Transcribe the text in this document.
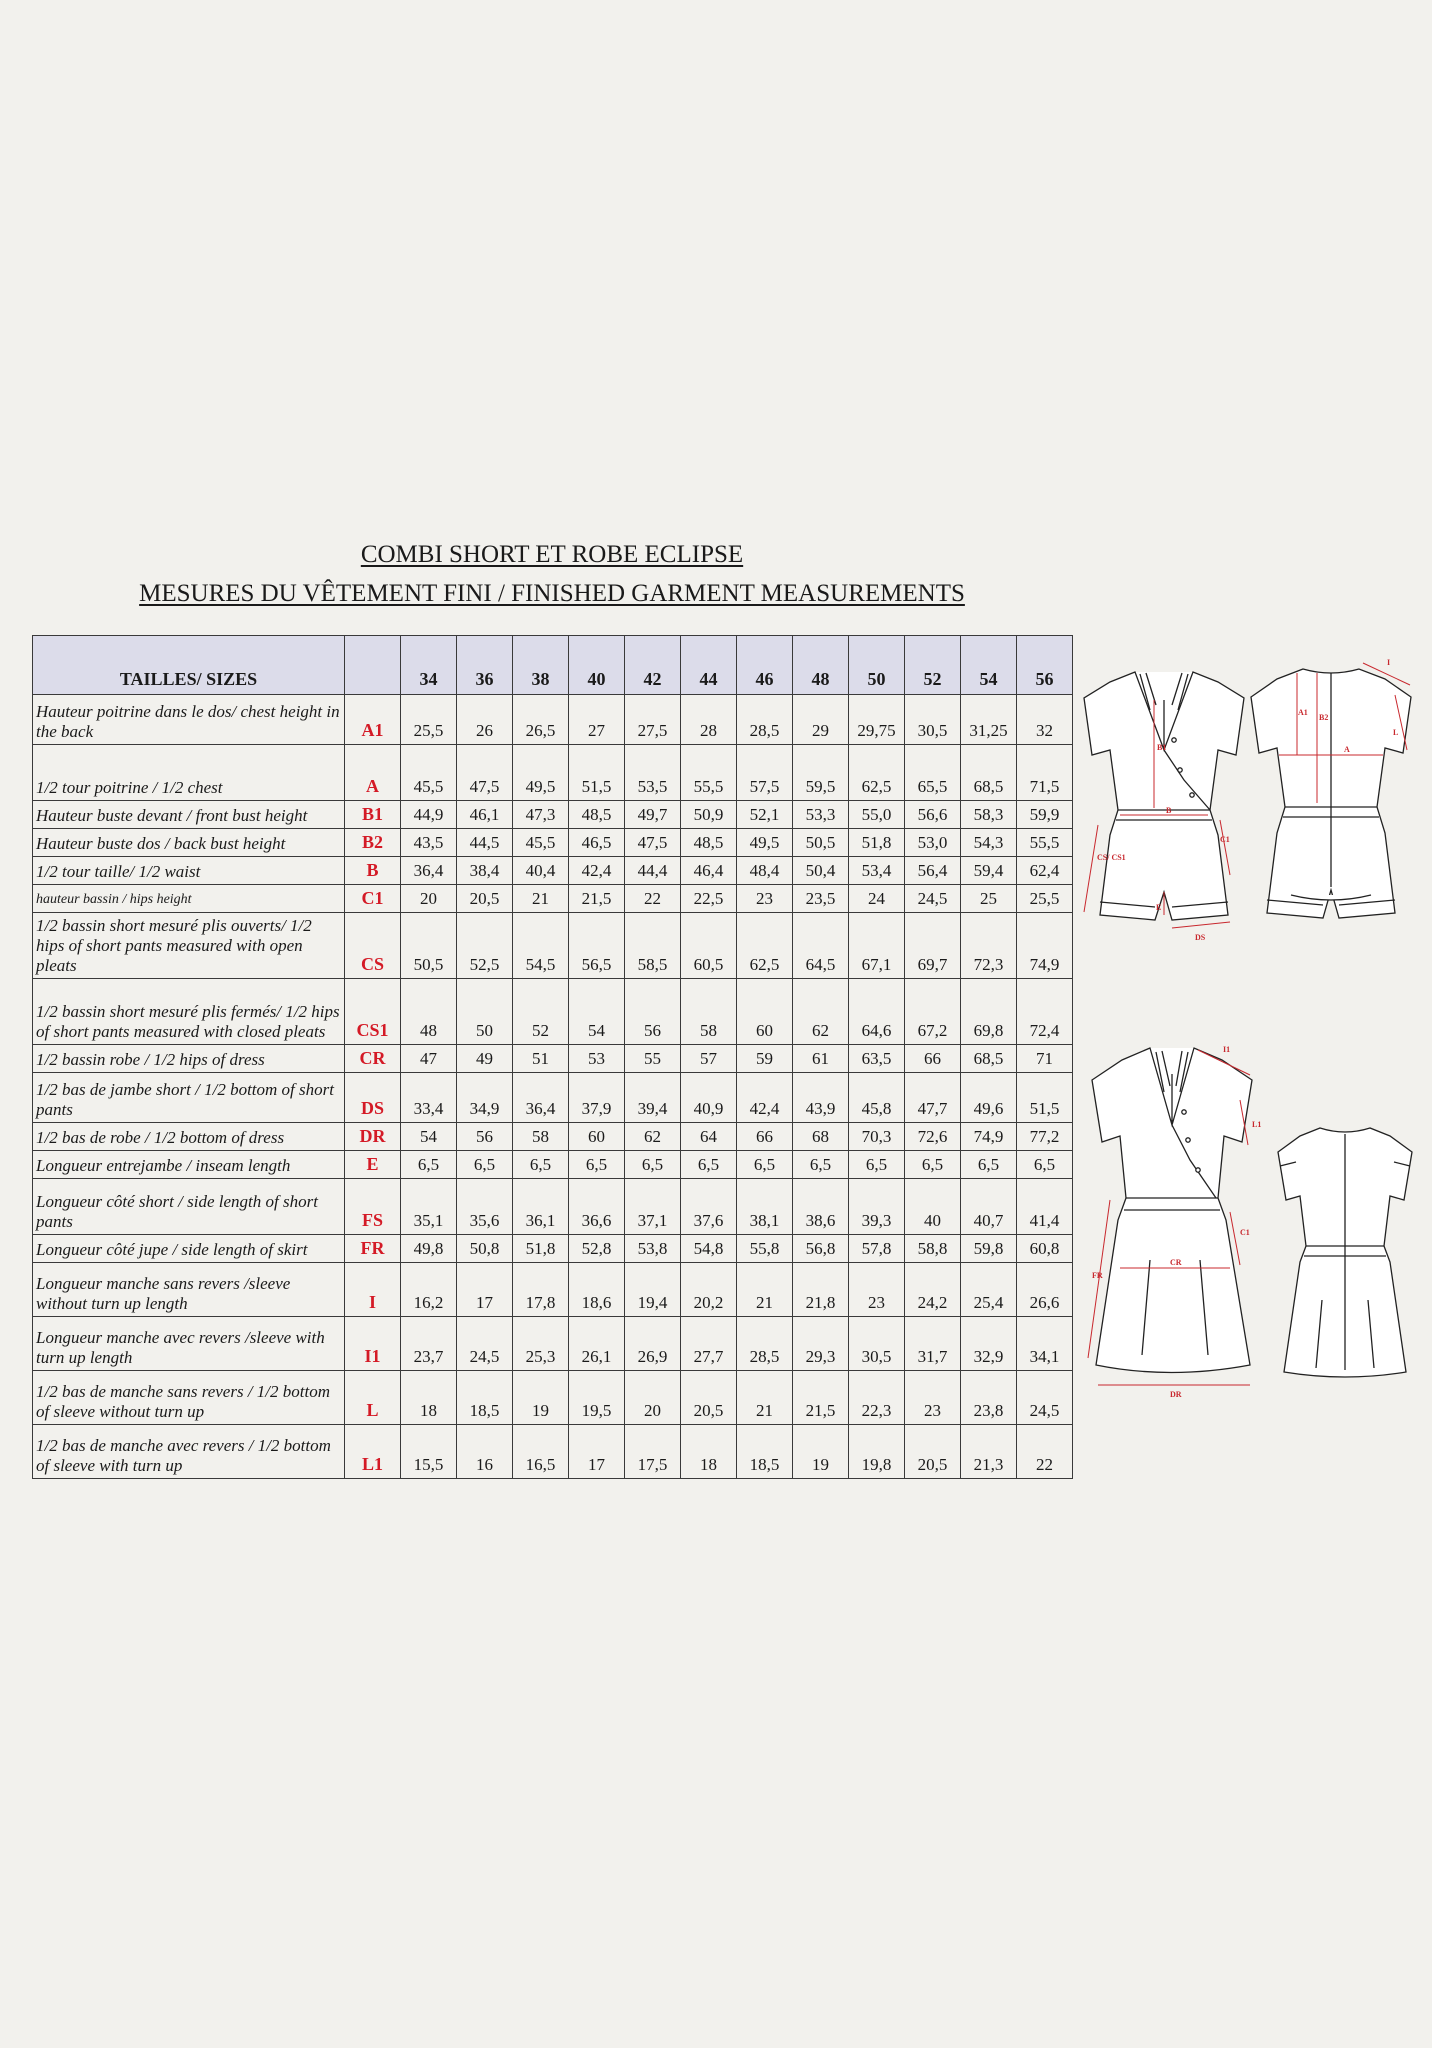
COMBI SHORT ET ROBE ECLIPSE
MESURES DU VÊTEMENT FINI / FINISHED GARMENT MEASUREMENTS
TAILLES/ SIZES		34	36	38	40	42	44	46	48	50	52	54	56
Hauteur poitrine dans le dos/ chest height in the back	A1	25,5	26	26,5	27	27,5	28	28,5	29	29,75	30,5	31,25	32
1/2 tour poitrine / 1/2 chest	A	45,5	47,5	49,5	51,5	53,5	55,5	57,5	59,5	62,5	65,5	68,5	71,5
Hauteur buste devant / front bust height	B1	44,9	46,1	47,3	48,5	49,7	50,9	52,1	53,3	55,0	56,6	58,3	59,9
Hauteur buste dos / back bust height	B2	43,5	44,5	45,5	46,5	47,5	48,5	49,5	50,5	51,8	53,0	54,3	55,5
1/2 tour taille/ 1/2 waist	B	36,4	38,4	40,4	42,4	44,4	46,4	48,4	50,4	53,4	56,4	59,4	62,4
hauteur bassin / hips height	C1	20	20,5	21	21,5	22	22,5	23	23,5	24	24,5	25	25,5
1/2 bassin short mesuré plis ouverts/ 1/2 hips of short pants measured with open pleats	CS	50,5	52,5	54,5	56,5	58,5	60,5	62,5	64,5	67,1	69,7	72,3	74,9
1/2 bassin short mesuré plis fermés/ 1/2 hips of short pants measured with closed pleats	CS1	48	50	52	54	56	58	60	62	64,6	67,2	69,8	72,4
1/2 bassin robe / 1/2 hips of dress	CR	47	49	51	53	55	57	59	61	63,5	66	68,5	71
1/2 bas de jambe short / 1/2 bottom of short pants	DS	33,4	34,9	36,4	37,9	39,4	40,9	42,4	43,9	45,8	47,7	49,6	51,5
1/2 bas de robe / 1/2 bottom of dress	DR	54	56	58	60	62	64	66	68	70,3	72,6	74,9	77,2
Longueur entrejambe / inseam length	E	6,5	6,5	6,5	6,5	6,5	6,5	6,5	6,5	6,5	6,5	6,5	6,5
Longueur côté short / side length of short pants	FS	35,1	35,6	36,1	36,6	37,1	37,6	38,1	38,6	39,3	40	40,7	41,4
Longueur côté jupe / side length of skirt	FR	49,8	50,8	51,8	52,8	53,8	54,8	55,8	56,8	57,8	58,8	59,8	60,8
Longueur manche sans revers /sleeve without turn up length	I	16,2	17	17,8	18,6	19,4	20,2	21	21,8	23	24,2	25,4	26,6
Longueur manche avec revers /sleeve with turn up length	I1	23,7	24,5	25,3	26,1	26,9	27,7	28,5	29,3	30,5	31,7	32,9	34,1
1/2 bas de manche sans revers / 1/2 bottom of sleeve without turn up	L	18	18,5	19	19,5	20	20,5	21	21,5	22,3	23	23,8	24,5
1/2 bas de manche avec revers / 1/2 bottom of sleeve with turn up	L1	15,5	16	16,5	17	17,5	18	18,5	19	19,8	20,5	21,3	22
B1
B
CS/ CS1
C1
E
DS
I
A1
B2
A
L
I1
L1
C1
CR
FR
DR
